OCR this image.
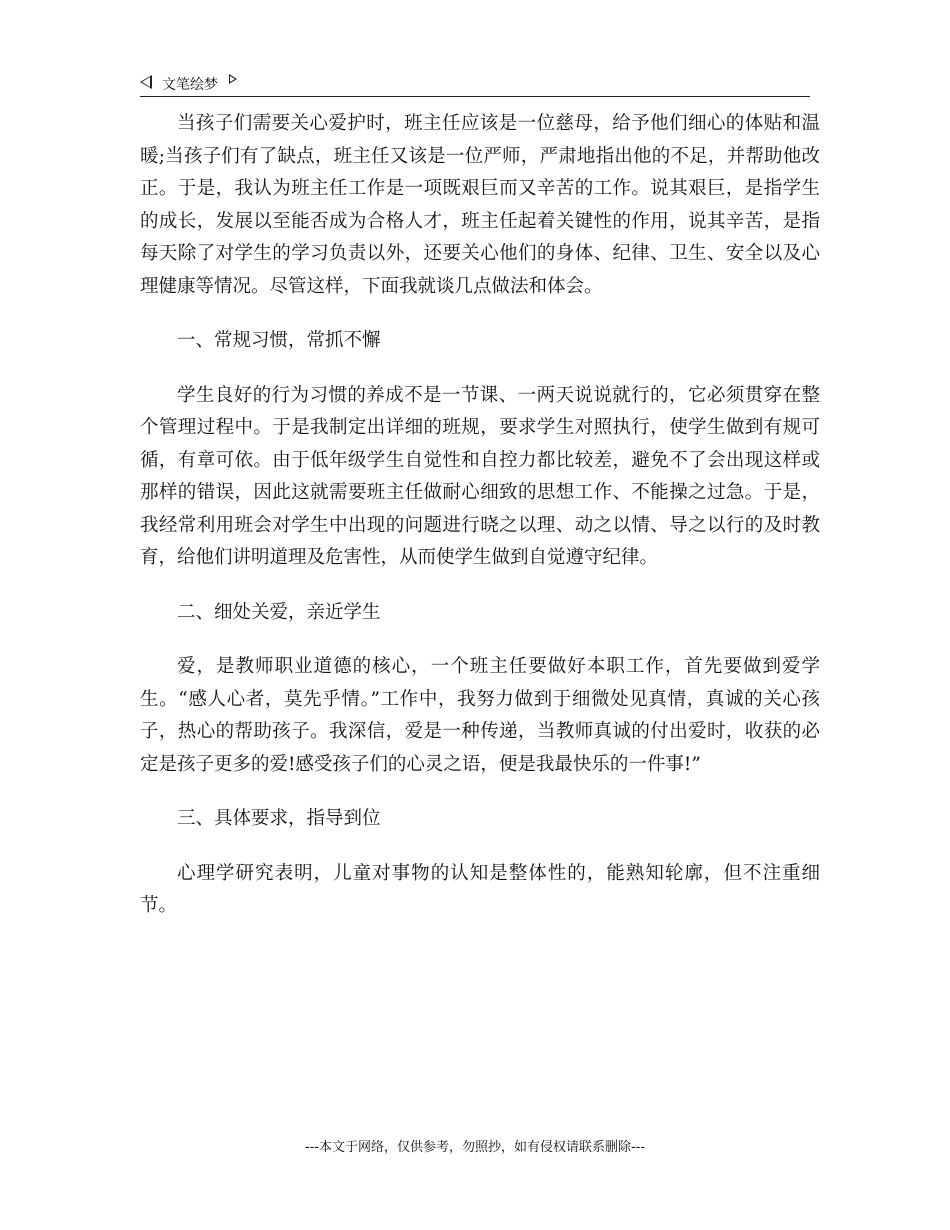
文笔绘梦

当孩子们需要关心爱护时，班主任应该是一位慈母，给予他们细心的体贴和温暖;当孩子们有了缺点，班主任又该是一位严师，严肃地指出他的不足，并帮助他改正。于是，我认为班主任工作是一项既艰巨而又辛苦的工作。说其艰巨，是指学生的成长，发展以至能否成为合格人才，班主任起着关键性的作用，说其辛苦，是指每天除了对学生的学习负责以外，还要关心他们的身体、纪律、卫生、安全以及心理健康等情况。尽管这样，下面我就谈几点做法和体会。

一、常规习惯，常抓不懈

学生良好的行为习惯的养成不是一节课、一两天说说就行的，它必须贯穿在整个管理过程中。于是我制定出详细的班规，要求学生对照执行，使学生做到有规可循，有章可依。由于低年级学生自觉性和自控力都比较差，避免不了会出现这样或那样的错误，因此这就需要班主任做耐心细致的思想工作、不能操之过急。于是，我经常利用班会对学生中出现的问题进行晓之以理、动之以情、导之以行的及时教育，给他们讲明道理及危害性，从而使学生做到自觉遵守纪律。

二、细处关爱，亲近学生

爱，是教师职业道德的核心，一个班主任要做好本职工作，首先要做到爱学生。“感人心者，莫先乎情。”工作中，我努力做到于细微处见真情，真诚的关心孩子，热心的帮助孩子。我深信，爱是一种传递，当教师真诚的付出爱时，收获的必定是孩子更多的爱!感受孩子们的心灵之语，便是我最快乐的一件事!”

三、具体要求，指导到位

心理学研究表明，儿童对事物的认知是整体性的，能熟知轮廓，但不注重细节。

---本文于网络，仅供参考，勿照抄，如有侵权请联系删除---
